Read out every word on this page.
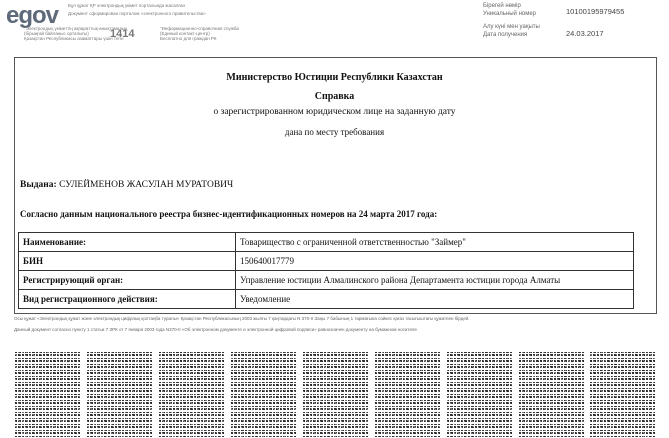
egov Бұл құжат ҚР электрондық үкімет порталында жасалған
Документ сформирован порталом «электронного правительства»
"Электрондық үкіметтің ақпараттық-анықтамалық
(бірыңғай байланыс орталығы)
Қазақстан Республикасы азаматтары үшін тегін
1414	"Информационно-справочная служба
(Единый контакт-центр)
Бесплатно для граждан РК
Бірегей нөмір
Уникальный номер
Алу күні мен уақыты
Дата получения
10100195979455
24.03.2017
Министерство Юстиции Республики Казахстан
Справка
о зарегистрированном юридическом лице на заданную дату
дана по месту требования
Выдана: СУЛЕЙМЕНОВ ЖАСУЛАН МУРАТОВИЧ
Согласно данным национального реестра бизнес-идентификационных номеров на 24 марта 2017 года:
Наименование:	Товарищество с ограниченной ответственностью "Займер"
БИН	150640017779
Регистрирующий орган:	Управление юстиции Алмалинского района Департамента юстиции города Алматы
Вид регистрационного действия:	Уведомление
Осы құжат «Электрондық құжат және электрондық цифрлық қолтаңба туралы» Қазақстан Республикасының 2003 жылғы 7 қаңтардағы N 370-II Заңы 7 бабының 1 тармағына сәйкес қағаз тасығыштағы құжатпен бірдей
Данный документ согласно пункту 1 статьи 7 ЗРК от 7 января 2003 года N370-II «Об электронном документе и электронной цифровой подписи» равнозначен документу на бумажном носителе
